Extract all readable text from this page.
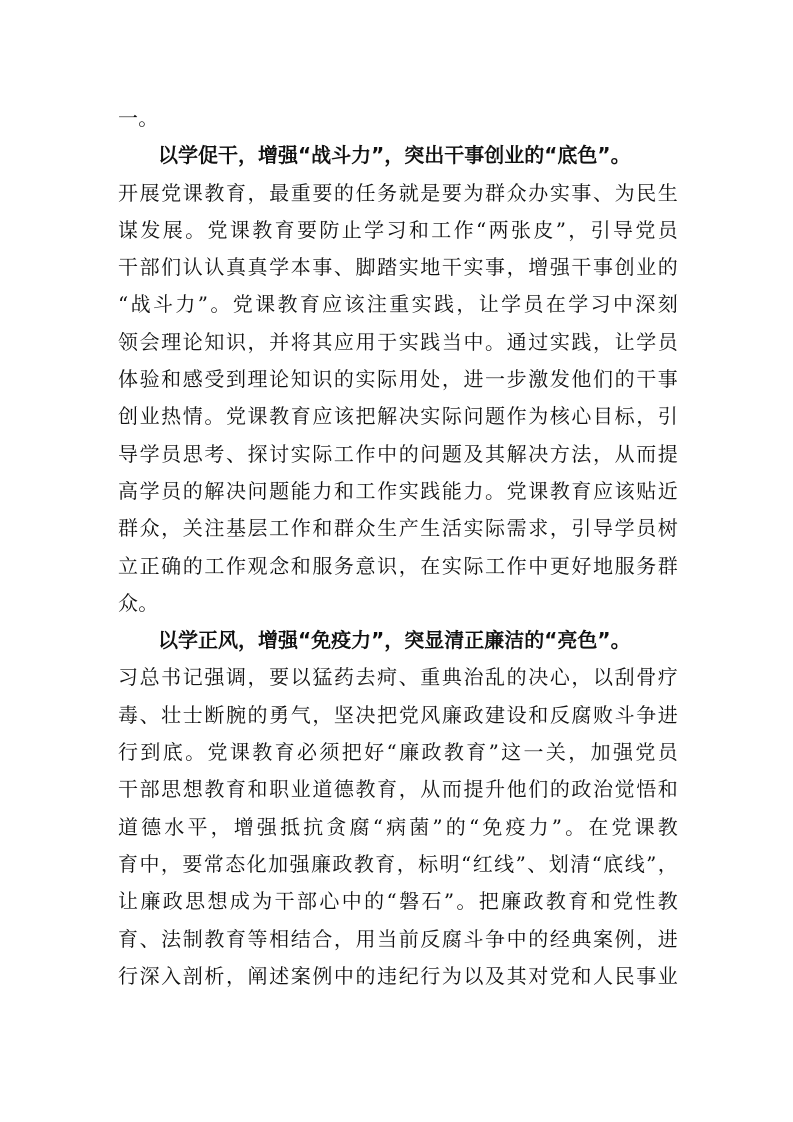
一。
以学促干，增强“战斗力”，突出干事创业的“底色”。
开展党课教育，最重要的任务就是要为群众办实事、为民生
谋发展。党课教育要防止学习和工作“两张皮”，引导党员
干部们认认真真学本事、脚踏实地干实事，增强干事创业的
“战斗力”。党课教育应该注重实践，让学员在学习中深刻
领会理论知识，并将其应用于实践当中。通过实践，让学员
体验和感受到理论知识的实际用处，进一步激发他们的干事
创业热情。党课教育应该把解决实际问题作为核心目标，引
导学员思考、探讨实际工作中的问题及其解决方法，从而提
高学员的解决问题能力和工作实践能力。党课教育应该贴近
群众，关注基层工作和群众生产生活实际需求，引导学员树
立正确的工作观念和服务意识，在实际工作中更好地服务群
众。
以学正风，增强“免疫力”，突显清正廉洁的“亮色”。
习总书记强调，要以猛药去疴、重典治乱的决心，以刮骨疗
毒、壮士断腕的勇气，坚决把党风廉政建设和反腐败斗争进
行到底。党课教育必须把好“廉政教育”这一关，加强党员
干部思想教育和职业道德教育，从而提升他们的政治觉悟和
道德水平，增强抵抗贪腐“病菌”的“免疫力”。在党课教
育中，要常态化加强廉政教育，标明“红线”、划清“底线”，
让廉政思想成为干部心中的“磐石”。把廉政教育和党性教
育、法制教育等相结合，用当前反腐斗争中的经典案例，进
行深入剖析，阐述案例中的违纪行为以及其对党和人民事业
